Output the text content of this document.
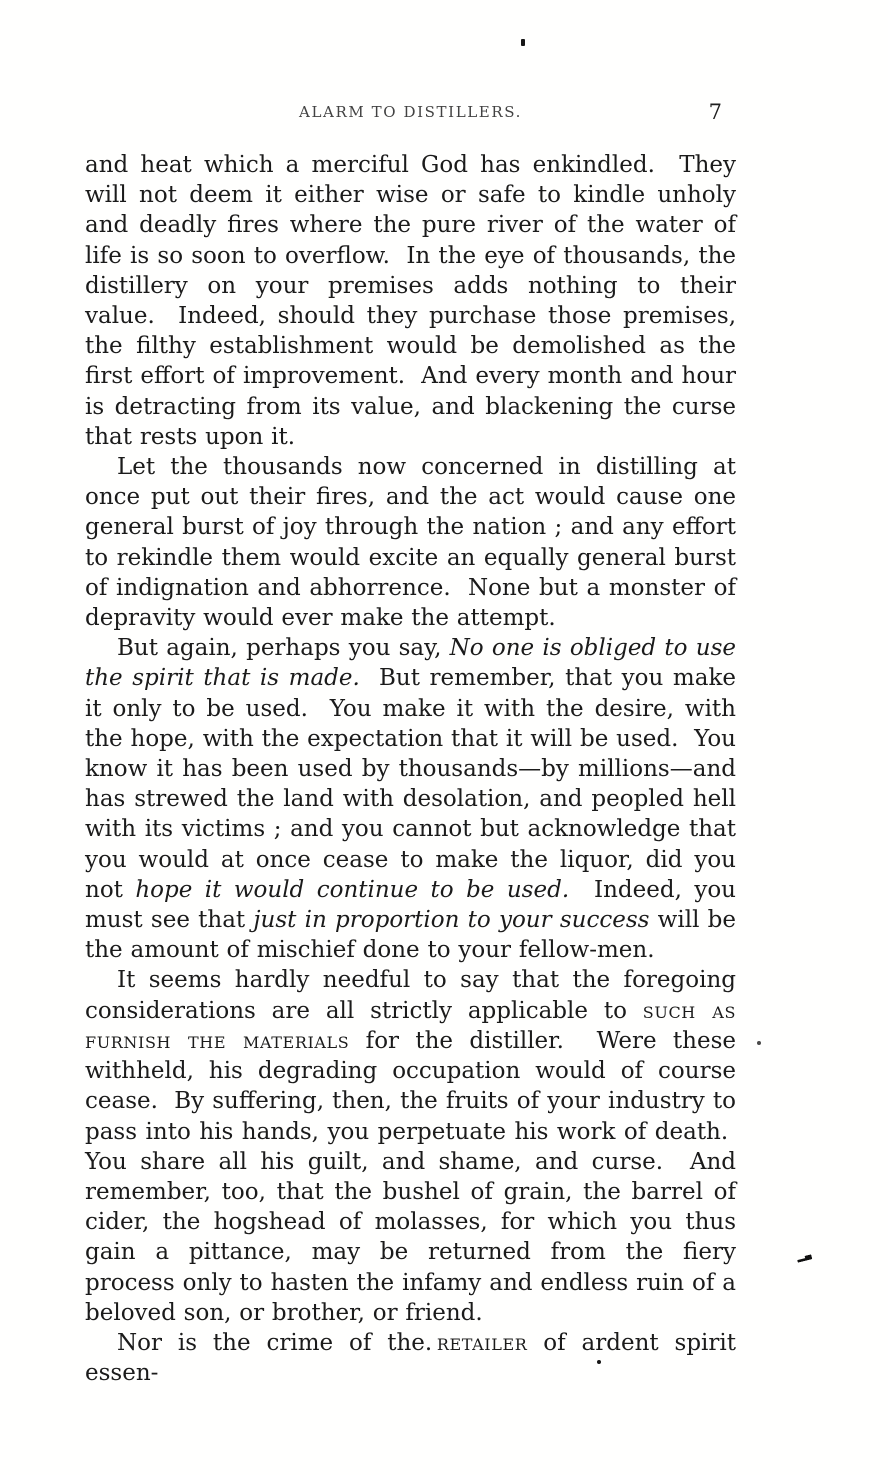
ALARM TO DISTILLERS.	7

and heat which a merciful God has enkindled.  They will not deem it either wise or safe to kindle unholy and deadly fires where the pure river of the water of life is so soon to overflow.  In the eye of thousands, the distillery on your premises adds nothing to their value.  Indeed, should they purchase those premises, the filthy establishment would be demolished as the first effort of improvement.  And every month and hour is detracting from its value, and blackening the curse that rests upon it.

Let the thousands now concerned in distilling at once put out their fires, and the act would cause one general burst of joy through the nation ; and any effort to rekindle them would excite an equally general burst of indignation and abhorrence.  None but a monster of depravity would ever make the attempt.

But again, perhaps you say, No one is obliged to use the spirit that is made.  But remember, that you make it only to be used.  You make it with the desire, with the hope, with the expectation that it will be used.  You know it has been used by thousands—by millions—and has strewed the land with desolation, and peopled hell with its victims ; and you cannot but acknowledge that you would at once cease to make the liquor, did you not hope it would continue to be used.  Indeed, you must see that just in proportion to your success will be the amount of mischief done to your fellow-men.

It seems hardly needful to say that the foregoing considerations are all strictly applicable to such as furnish the materials for the distiller.  Were these withheld, his degrading occupation would of course cease.  By suffering, then, the fruits of your industry to pass into his hands, you perpetuate his work of death.  You share all his guilt, and shame, and curse.  And remember, too, that the bushel of grain, the barrel of cider, the hogshead of molasses, for which you thus gain a pittance, may be returned from the fiery process only to hasten the infamy and endless ruin of a beloved son, or brother, or friend.

Nor is the crime of the. retailer of ardent spirit essen-
